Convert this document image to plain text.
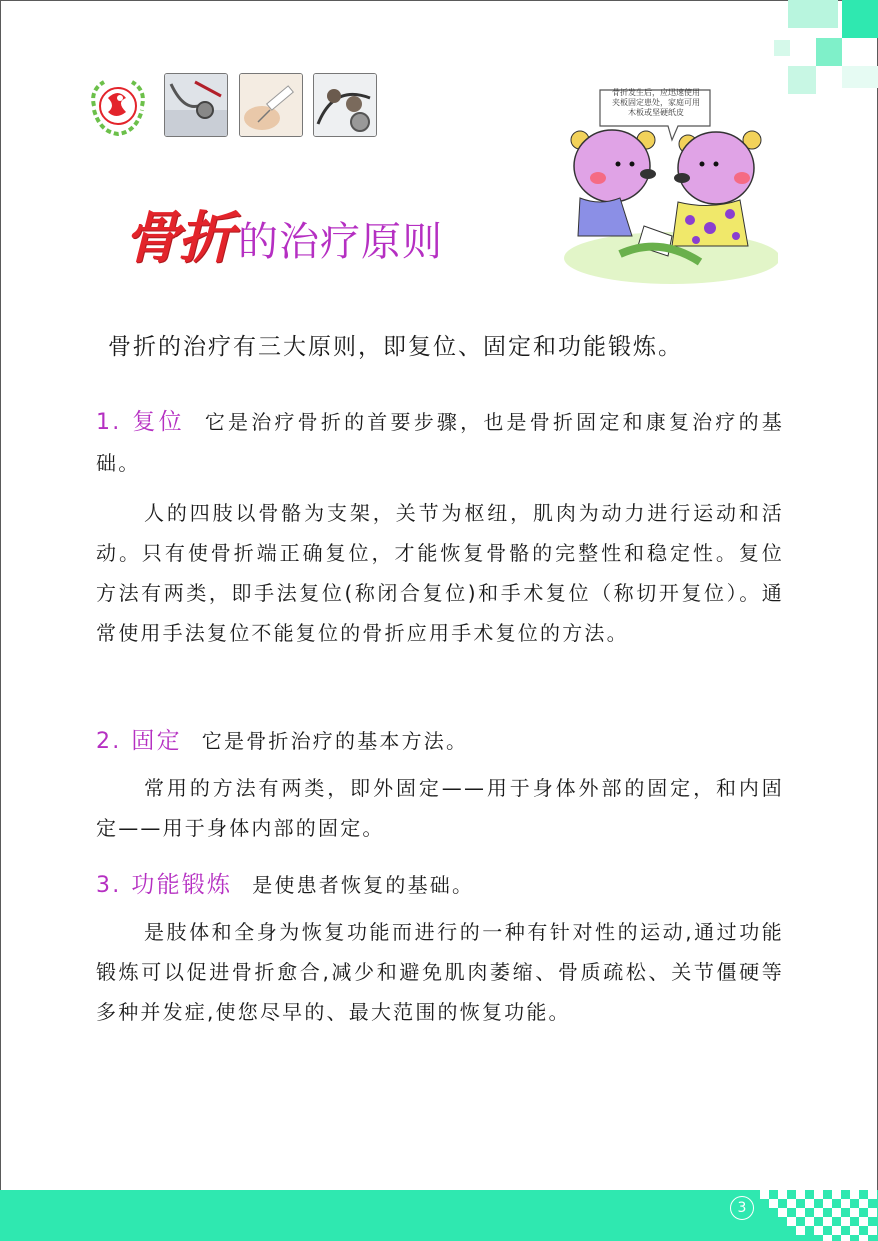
骨折 的治疗原则
骨折发生后，应迅速使用夹板固定患处，家庭可用木板或坚硬纸皮
骨折的治疗有三大原则，即复位、固定和功能锻炼。
1. 复位 它是治疗骨折的首要步骤，也是骨折固定和康复治疗的基础。
人的四肢以骨骼为支架，关节为枢纽，肌肉为动力进行运动和活动。只有使骨折端正确复位，才能恢复骨骼的完整性和稳定性。复位方法有两类，即手法复位(称闭合复位)和手术复位（称切开复位）。通常使用手法复位不能复位的骨折应用手术复位的方法。
2. 固定 它是骨折治疗的基本方法。
常用的方法有两类，即外固定——用于身体外部的固定，和内固定——用于身体内部的固定。
3. 功能锻炼 是使患者恢复的基础。
是肢体和全身为恢复功能而进行的一种有针对性的运动,通过功能锻炼可以促进骨折愈合,减少和避免肌肉萎缩、骨质疏松、关节僵硬等多种并发症,使您尽早的、最大范围的恢复功能。
3
